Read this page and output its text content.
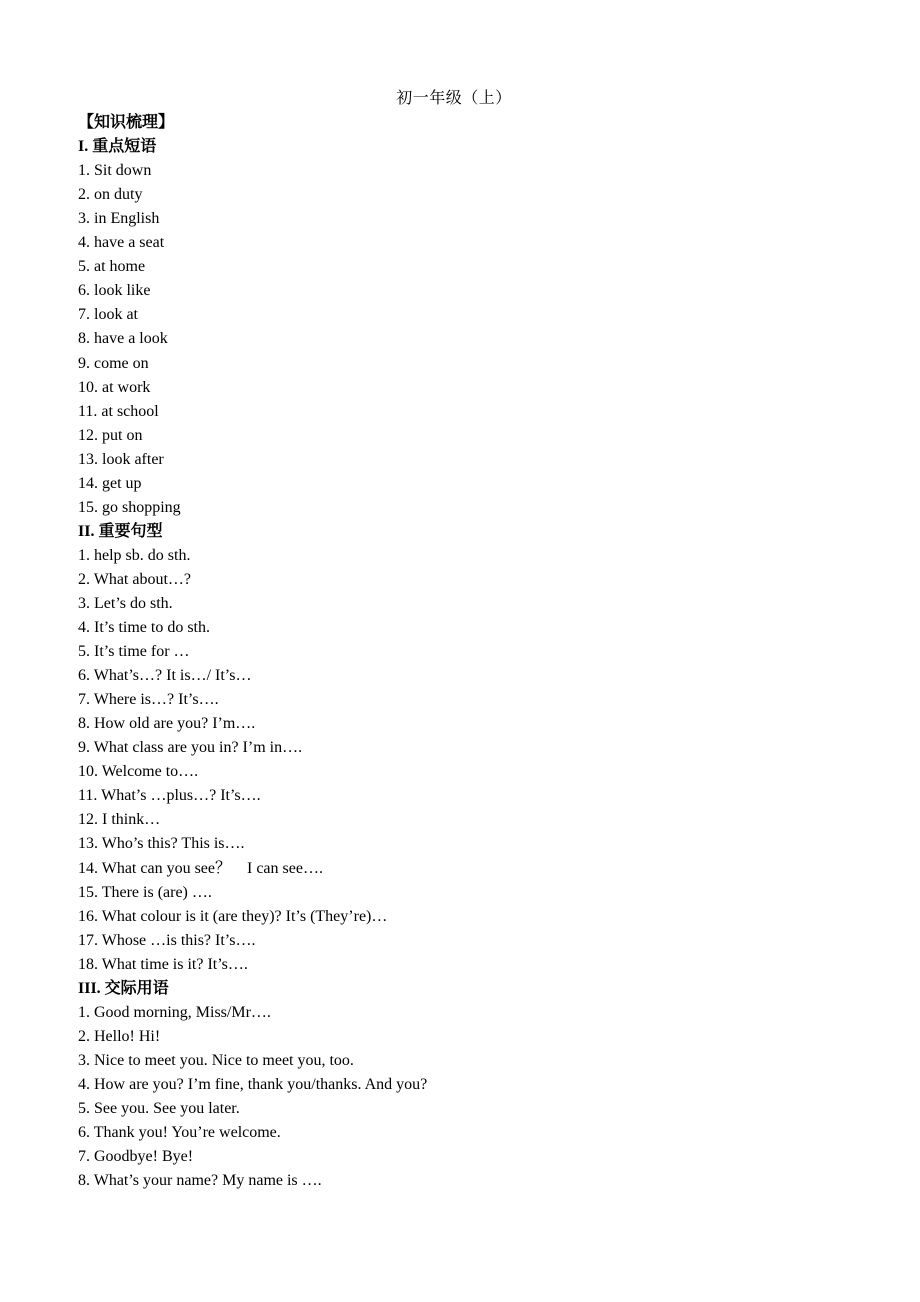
初一年级（上）
【知识梳理】
I. 重点短语
1. Sit down
2. on duty
3. in English
4. have a seat
5. at home
6. look like
7. look at
8. have a look
9. come on
10. at work
11. at school
12. put on
13. look after
14. get up
15. go shopping
II. 重要句型
1. help sb. do sth.
2. What about…?
3. Let’s do sth.
4. It’s time to do sth.
5. It’s time for …
6. What’s…? It is…/ It’s…
7. Where is…? It’s….
8. How old are you? I’m….
9. What class are you in? I’m in….
10. Welcome to….
11. What’s …plus…? It’s….
12. I think…
13. Who’s this? This is….
14. What can you see？　I can see….
15. There is (are) ….
16. What colour is it (are they)? It’s (They’re)…
17. Whose …is this? It’s….
18. What time is it? It’s….
III. 交际用语
1. Good morning, Miss/Mr….
2. Hello! Hi!
3. Nice to meet you. Nice to meet you, too.
4. How are you? I’m fine, thank you/thanks. And you?
5. See you. See you later.
6. Thank you! You’re welcome.
7. Goodbye! Bye!
8. What’s your name? My name is ….
